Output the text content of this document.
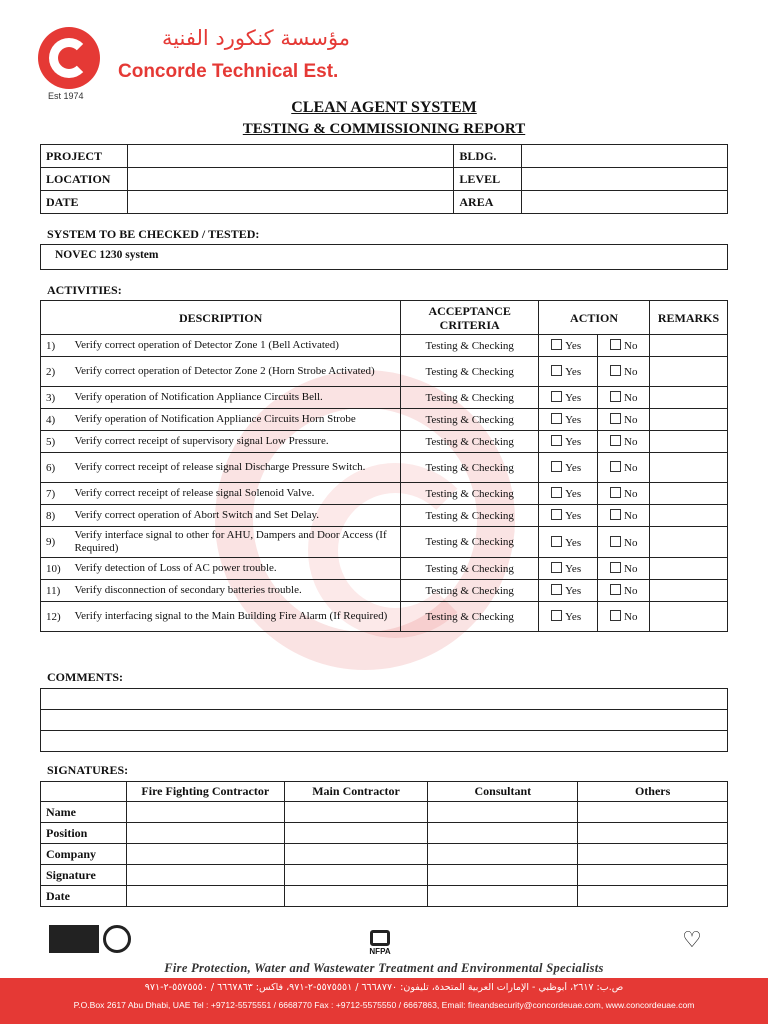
Est 1974
مؤسسة كنكورد الفنية
Concorde Technical Est.
CLEAN AGENT SYSTEM
TESTING & COMMISSIONING REPORT
PROJECT		BLDG.	
LOCATION		LEVEL	
DATE		AREA	
SYSTEM TO BE CHECKED / TESTED:
NOVEC 1230 system
ACTIVITIES:
DESCRIPTION		ACCEPTANCE CRITERIA	ACTION		REMARKS
1)	Verify correct operation of Detector Zone 1 (Bell Activated)	Testing & Checking	Yes	No	
2)	Verify correct operation of Detector Zone 2 (Horn Strobe Activated)	Testing & Checking	Yes	No	
3)	Verify operation of Notification Appliance Circuits Bell.	Testing & Checking	Yes	No	
4)	Verify operation of Notification Appliance Circuits Horn Strobe	Testing & Checking	Yes	No	
5)	Verify correct receipt of supervisory signal Low Pressure.	Testing & Checking	Yes	No	
6)	Verify correct receipt of release signal Discharge Pressure Switch.	Testing & Checking	Yes	No	
7)	Verify correct receipt of release signal Solenoid Valve.	Testing & Checking	Yes	No	
8)	Verify correct operation of Abort Switch and Set Delay.	Testing & Checking	Yes	No	
9)	Verify interface signal to other for AHU, Dampers and Door Access (If Required)	Testing & Checking	Yes	No	
10)	Verify detection of Loss of AC power trouble.	Testing & Checking	Yes	No	
11)	Verify disconnection of secondary batteries trouble.	Testing & Checking	Yes	No	
12)	Verify interfacing signal to the Main Building Fire Alarm (If Required)	Testing & Checking	Yes	No	
COMMENTS:

SIGNATURES:
	Fire Fighting Contractor	Main Contractor	Consultant	Others
Name				
Position				
Company				
Signature				
Date				
NFPA	♡
Fire Protection, Water and Wastewater Treatment and Environmental Specialists
ص.ب: ٢٦١٧، أبوظبي - الإمارات العربية المتحدة، تليفون: ٦٦٦٨٧٧٠ / ٥٥٧٥٥٥١-٢-٩٧١، فاكس: ٦٦٦٧٨٦٣ / ٥٥٧٥٥٥٠-٢-٩٧١
P.O.Box 2617 Abu Dhabi, UAE Tel : +9712-5575551 / 6668770 Fax : +9712-5575550 / 6667863, Email: fireandsecurity@concordeuae.com, www.concordeuae.com
